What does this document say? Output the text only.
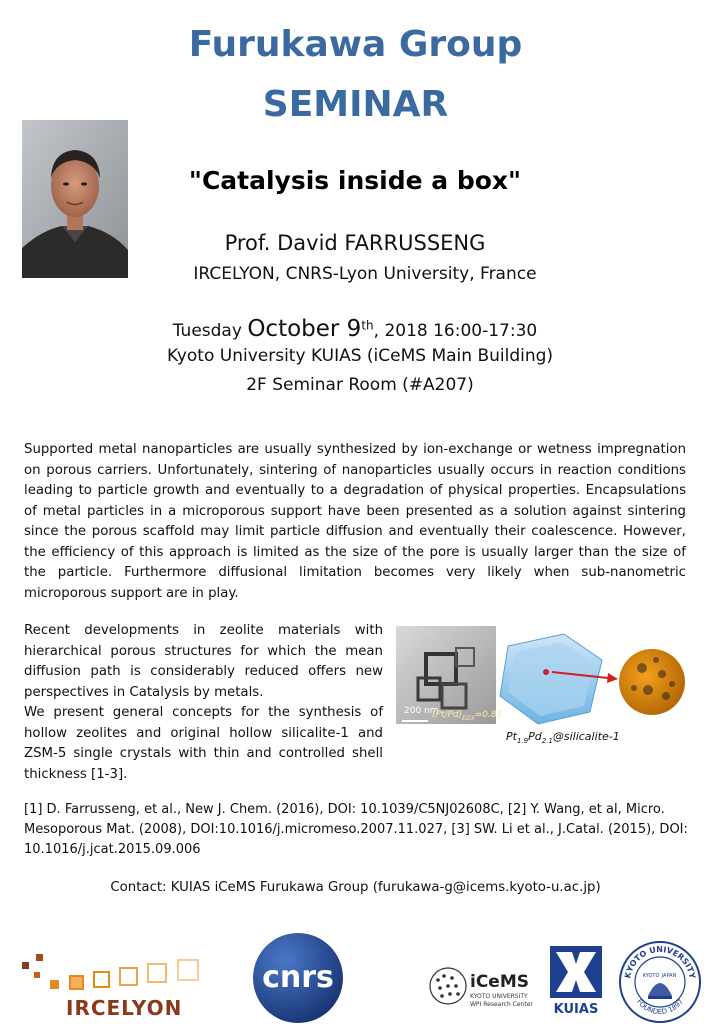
Furukawa Group
SEMINAR
"Catalysis inside a box"
Prof. David FARRUSSENG
IRCELYON, CNRS-Lyon University, France
Tuesday October 9th, 2018 16:00-17:30
Kyoto University KUIAS (iCeMS Main Building)
2F Seminar Room (#A207)

Supported metal nanoparticles are usually synthesized by ion-exchange or wetness impregnation on porous carriers. Unfortunately, sintering of nanoparticles usually occurs in reaction conditions leading to particle growth and eventually to a degradation of physical properties. Encapsulations of metal particles in a microporous support have been presented as a solution against sintering since the porous scaffold may limit particle diffusion and eventually their coalescence. However, the efficiency of this approach is limited as the size of the pore is usually larger than the size of the particle. Furthermore diffusional limitation becomes very likely when sub-nanometric microporous support are in play.

Recent developments in zeolite materials with hierarchical porous structures for which the mean diffusion path is considerably reduced offers new perspectives in Catalysis by metals.

We present general concepts for the synthesis of hollow zeolites and original hollow silicalite-1 and ZSM-5 single crystals with thin and controlled shell thickness [1-3].

200 nm
$(Pt/Pd)_{EDX}=0.81$
$Pt_{1.9}Pd_{2.1}@silicalite-1$

[1] D. Farrusseng, et al., New J. Chem. (2016), DOI: 10.1039/C5NJ02608C, [2] Y. Wang, et al, Micro. Mesoporous Mat. (2008), DOI:10.1016/j.micromeso.2007.11.027, [3] SW. Li et al., J.Catal. (2015), DOI: 10.1016/j.jcat.2015.09.006

Contact: KUIAS iCeMS Furukawa Group (furukawa-g@icems.kyoto-u.ac.jp)
IRCELYON
cnrs	iCeMS
KYOTO UNIVERSITY
WPI Research Center	KUIAS
KYOTO UNIVERSITY
FOUNDED 1897
KYOTO JAPAN
